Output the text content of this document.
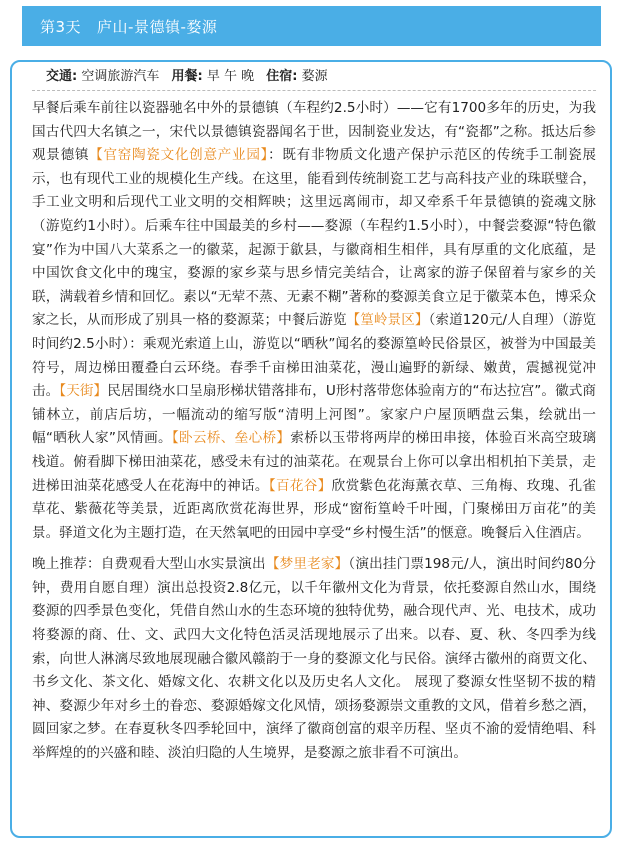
第3天 庐山-景德镇-婺源
交通: 空调旅游汽车 用餐: 早 午 晚 住宿: 婺源

早餐后乘车前往以瓷器驰名中外的景德镇（车程约2.5小时）——它有1700多年的历史，为我国古代四大名镇之一，宋代以景德镇瓷器闻名于世，因制瓷业发达，有“瓷都”之称。抵达后参观景德镇【官窑陶瓷文化创意产业园】：既有非物质文化遗产保护示范区的传统手工制瓷展示，也有现代工业的规模化生产线。在这里，能看到传统制瓷工艺与高科技产业的珠联璧合，手工业文明和后现代工业文明的交相辉映；这里远离闹市，却又牵系千年景德镇的瓷魂文脉（游览约1小时）。后乘车往中国最美的乡村——婺源（车程约1.5小时），中餐尝婺源“特色徽宴”作为中国八大菜系之一的徽菜，起源于歙县，与徽商相生相伴，具有厚重的文化底蕴，是中国饮食文化中的瑰宝，婺源的家乡菜与思乡情完美结合，让离家的游子保留着与家乡的关联，满载着乡情和回忆。素以“无荤不蒸、无素不糊”著称的婺源美食立足于徽菜本色，博采众家之长，从而形成了别具一格的婺源菜；中餐后游览【篁岭景区】（索道120元/人自理）（游览时间约2.5小时）：乘观光索道上山，游览以“晒秋”闻名的婺源篁岭民俗景区，被誉为中国最美符号，周边梯田覆叠白云环绕。春季千亩梯田油菜花，漫山遍野的新绿、嫩黄，震撼视觉冲击。【天街】民居围绕水口呈扇形梯状错落排布，U形村落带您体验南方的“布达拉宫”。徽式商铺林立，前店后坊，一幅流动的缩写版“清明上河图”。家家户户屋顶晒盘云集，绘就出一幅“晒秋人家”风情画。【卧云桥、垒心桥】索桥以玉带将两岸的梯田串接，体验百米高空玻璃栈道。俯看脚下梯田油菜花，感受未有过的油菜花。在观景台上你可以拿出相机拍下美景，走进梯田油菜花感受人在花海中的神话。【百花谷】欣赏紫色花海薰衣草、三角梅、玫瑰、孔雀草花、紫薇花等美景，近距离欣赏花海世界，形成“窗衔篁岭千叶囤，门聚梯田万亩花”的美景。驿道文化为主题打造，在天然氧吧的田园中享受“乡村慢生活”的惬意。晚餐后入住酒店。

晚上推荐：自费观看大型山水实景演出【梦里老家】（演出挂门票198元/人，演出时间约80分钟，费用自愿自理）演出总投资2.8亿元，以千年徽州文化为背景，依托婺源自然山水，围绕婺源的四季景色变化，凭借自然山水的生态环境的独特优势，融合现代声、光、电技术，成功将婺源的商、仕、文、武四大文化特色活灵活现地展示了出来。以春、夏、秋、冬四季为线索，向世人淋漓尽致地展现融合徽风赣韵于一身的婺源文化与民俗。演绎古徽州的商贾文化、书乡文化、茶文化、婚嫁文化、农耕文化以及历史名人文化。 展现了婺源女性坚韧不拔的精神、婺源少年对乡土的眷恋、婺源婚嫁文化风情，颂扬婺源崇文重教的文风，借着乡愁之酒，圆回家之梦。在春夏秋冬四季轮回中，演绎了徽商创富的艰辛历程、坚贞不渝的爱情绝唱、科举辉煌的的兴盛和睦、淡泊归隐的人生境界，是婺源之旅非看不可演出。
